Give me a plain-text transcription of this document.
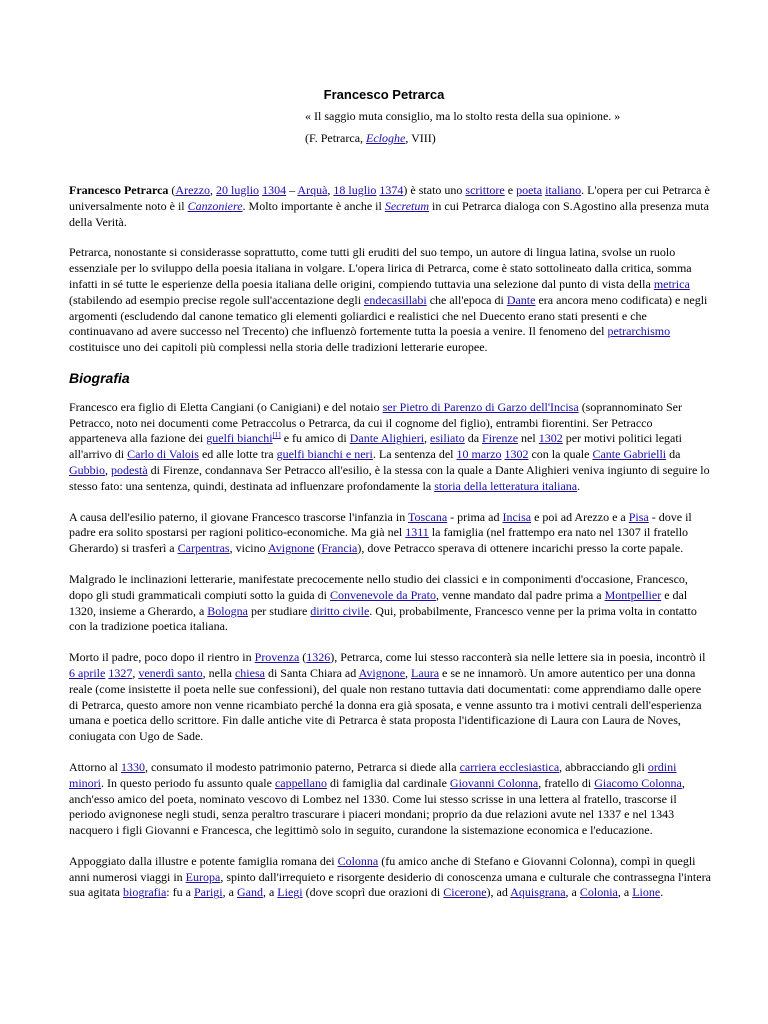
Francesco Petrarca
« Il saggio muta consiglio, ma lo stolto resta della sua opinione. »
(F. Petrarca, Ecloghe, VIII)

Francesco Petrarca (Arezzo, 20 luglio 1304 – Arquà, 18 luglio 1374) è stato uno scrittore e poeta italiano. L'opera per cui Petrarca è universalmente noto è il Canzoniere. Molto importante è anche il Secretum in cui Petrarca dialoga con S.Agostino alla presenza muta della Verità.

Petrarca, nonostante si considerasse soprattutto, come tutti gli eruditi del suo tempo, un autore di lingua latina, svolse un ruolo essenziale per lo sviluppo della poesia italiana in volgare. L'opera lirica di Petrarca, come è stato sottolineato dalla critica, somma infatti in sé tutte le esperienze della poesia italiana delle origini, compiendo tuttavia una selezione dal punto di vista della metrica (stabilendo ad esempio precise regole sull'accentazione degli endecasillabi che all'epoca di Dante era ancora meno codificata) e negli argomenti (escludendo dal canone tematico gli elementi goliardici e realistici che nel Duecento erano stati presenti e che continuavano ad avere successo nel Trecento) che influenzò fortemente tutta la poesia a venire. Il fenomeno del petrarchismo costituisce uno dei capitoli più complessi nella storia delle tradizioni letterarie europee.

Biografia

Francesco era figlio di Eletta Cangiani (o Canigiani) e del notaio ser Pietro di Parenzo di Garzo dell'Incisa (soprannominato Ser Petracco, noto nei documenti come Petraccolus o Petrarca, da cui il cognome del figlio), entrambi fiorentini. Ser Petracco apparteneva alla fazione dei guelfi bianchi[1] e fu amico di Dante Alighieri, esiliato da Firenze nel 1302 per motivi politici legati all'arrivo di Carlo di Valois ed alle lotte tra guelfi bianchi e neri. La sentenza del 10 marzo 1302 con la quale Cante Gabrielli da Gubbio, podestà di Firenze, condannava Ser Petracco all'esilio, è la stessa con la quale a Dante Alighieri veniva ingiunto di seguire lo stesso fato: una sentenza, quindi, destinata ad influenzare profondamente la storia della letteratura italiana.

A causa dell'esilio paterno, il giovane Francesco trascorse l'infanzia in Toscana - prima ad Incisa e poi ad Arezzo e a Pisa - dove il padre era solito spostarsi per ragioni politico-economiche. Ma già nel 1311 la famiglia (nel frattempo era nato nel 1307 il fratello Gherardo) si trasferì a Carpentras, vicino Avignone (Francia), dove Petracco sperava di ottenere incarichi presso la corte papale.

Malgrado le inclinazioni letterarie, manifestate precocemente nello studio dei classici e in componimenti d'occasione, Francesco, dopo gli studi grammaticali compiuti sotto la guida di Convenevole da Prato, venne mandato dal padre prima a Montpellier e dal 1320, insieme a Gherardo, a Bologna per studiare diritto civile. Qui, probabilmente, Francesco venne per la prima volta in contatto con la tradizione poetica italiana.

Morto il padre, poco dopo il rientro in Provenza (1326), Petrarca, come lui stesso racconterà sia nelle lettere sia in poesia, incontrò il 6 aprile 1327, venerdì santo, nella chiesa di Santa Chiara ad Avignone, Laura e se ne innamorò. Un amore autentico per una donna reale (come insistette il poeta nelle sue confessioni), del quale non restano tuttavia dati documentati: come apprendiamo dalle opere di Petrarca, questo amore non venne ricambiato perché la donna era già sposata, e venne assunto tra i motivi centrali dell'esperienza umana e poetica dello scrittore. Fin dalle antiche vite di Petrarca è stata proposta l'identificazione di Laura con Laura de Noves, coniugata con Ugo de Sade.

Attorno al 1330, consumato il modesto patrimonio paterno, Petrarca si diede alla carriera ecclesiastica, abbracciando gli ordini minori. In questo periodo fu assunto quale cappellano di famiglia dal cardinale Giovanni Colonna, fratello di Giacomo Colonna, anch'esso amico del poeta, nominato vescovo di Lombez nel 1330. Come lui stesso scrisse in una lettera al fratello, trascorse il periodo avignonese negli studi, senza peraltro trascurare i piaceri mondani; proprio da due relazioni avute nel 1337 e nel 1343 nacquero i figli Giovanni e Francesca, che legittimò solo in seguito, curandone la sistemazione economica e l'educazione.

Appoggiato dalla illustre e potente famiglia romana dei Colonna (fu amico anche di Stefano e Giovanni Colonna), compì in quegli anni numerosi viaggi in Europa, spinto dall'irrequieto e risorgente desiderio di conoscenza umana e culturale che contrassegna l'intera sua agitata biografia: fu a Parigi, a Gand, a Liegi (dove scoprì due orazioni di Cicerone), ad Aquisgrana, a Colonia, a Lione.
